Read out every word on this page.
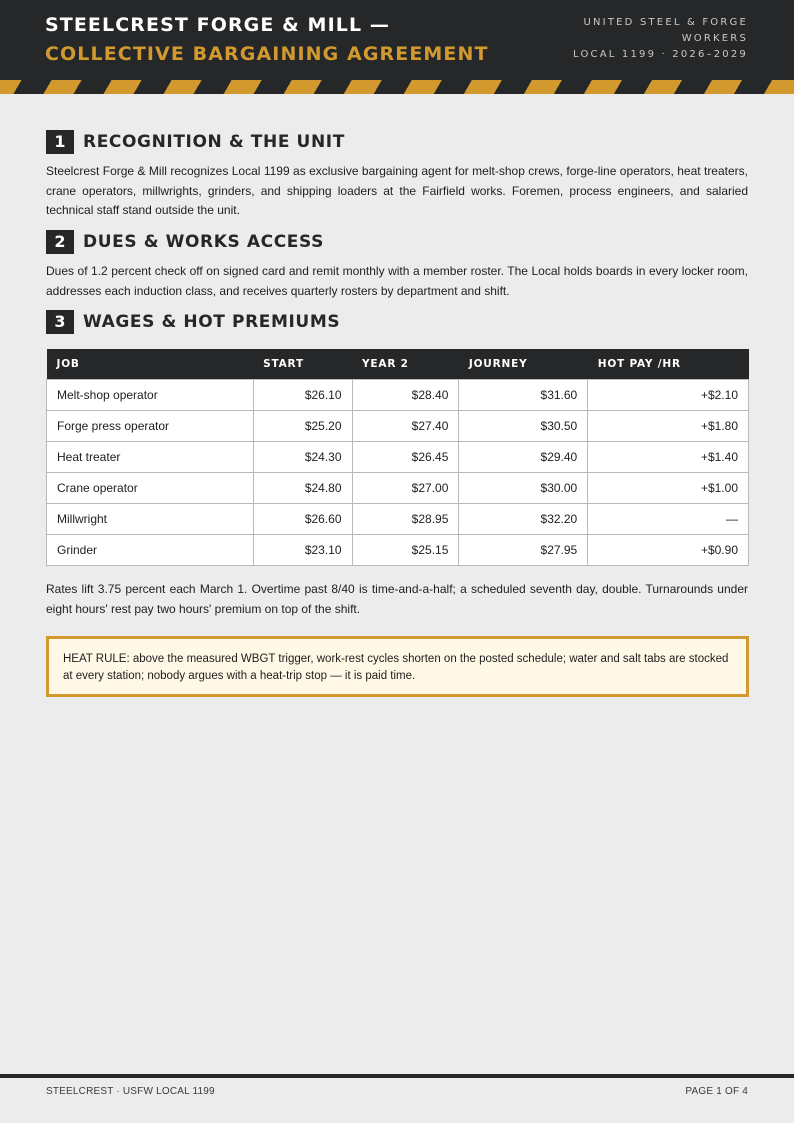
STEELCREST FORGE & MILL — COLLECTIVE BARGAINING AGREEMENT
UNITED STEEL & FORGE WORKERS
LOCAL 1199 · 2026–2029
1	RECOGNITION & THE UNIT

Steelcrest Forge & Mill recognizes Local 1199 as exclusive bargaining agent for melt-shop crews, forge-line operators, heat treaters, crane operators, millwrights, grinders, and shipping loaders at the Fairfield works. Foremen, process engineers, and salaried technical staff stand outside the unit.

2	DUES & WORKS ACCESS

Dues of 1.2 percent check off on signed card and remit monthly with a member roster. The Local holds boards in every locker room, addresses each induction class, and receives quarterly rosters by department and shift.

3	WAGES & HOT PREMIUMS
JOB	START	YEAR 2	JOURNEY	HOT PAY /HR
Melt-shop operator	$26.10	$28.40	$31.60	+$2.10
Forge press operator	$25.20	$27.40	$30.50	+$1.80
Heat treater	$24.30	$26.45	$29.40	+$1.40
Crane operator	$24.80	$27.00	$30.00	+$1.00
Millwright	$26.60	$28.95	$32.20	—
Grinder	$23.10	$25.15	$27.95	+$0.90

Rates lift 3.75 percent each March 1. Overtime past 8/40 is time-and-a-half; a scheduled seventh day, double. Turnarounds under eight hours' rest pay two hours' premium on top of the shift.

HEAT RULE: above the measured WBGT trigger, work-rest cycles shorten on the posted schedule; water and salt tabs are stocked at every station; nobody argues with a heat-trip stop — it is paid time.
STEELCREST · USFW LOCAL 1199	PAGE 1 OF 4
